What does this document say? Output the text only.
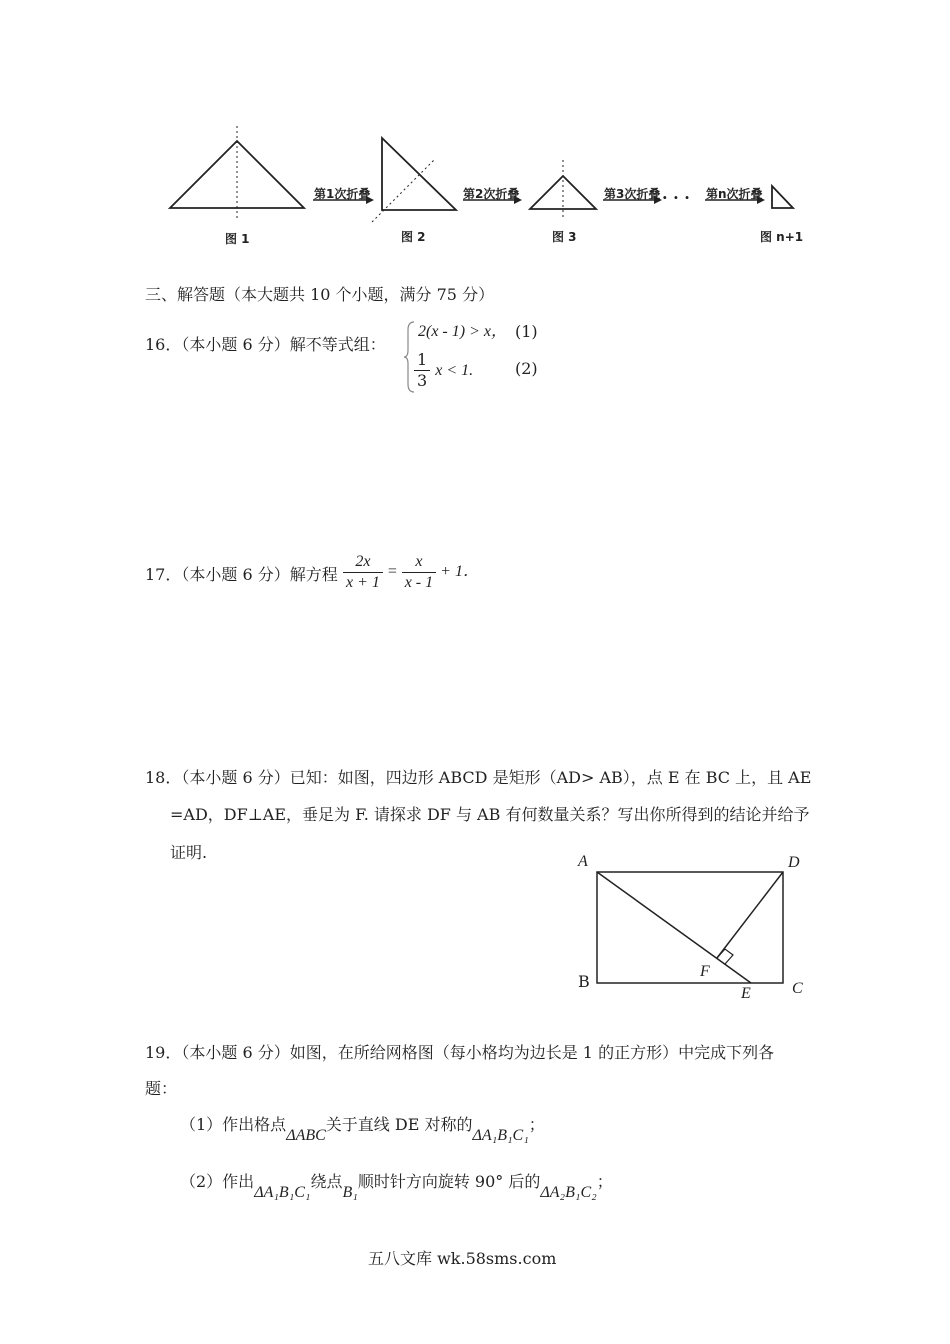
第1次折叠	第2次折叠	第3次折叠 · · · 第n次折叠
图 1	图 2	图 3	图 n+1
三、解答题（本大题共 10 个小题，满分 75 分）
16．（本小题 6 分）解不等式组：
2(x - 1) > x， (1)
$\frac{1}{3}$ x < 1.	(2)
17．（本小题 6 分）解方程 $\frac{2x}{x + 1} = \frac{x}{x - 1} + 1$．
18．（本小题 6 分）已知：如图，四边形 ABCD 是矩形（AD> AB），点 E 在 BC 上，且 AE
=AD，DF⊥AE，垂足为 F. 请探求 DF 与 AB 有何数量关系？写出你所得到的结论并给予
证明.	A	D
B
F
E	C
19．（本小题 6 分）如图，在所给网格图（每小格均为边长是 1 的正方形）中完成下列各
题：
（1）作出格点ΔABC关于直线 DE 对称的ΔA₁B₁C₁；
（2）作出ΔA₁B₁C₁绕点B₁顺时针方向旋转 90° 后的ΔA₂B₁C₂；
五八文库 wk.58sms.com
